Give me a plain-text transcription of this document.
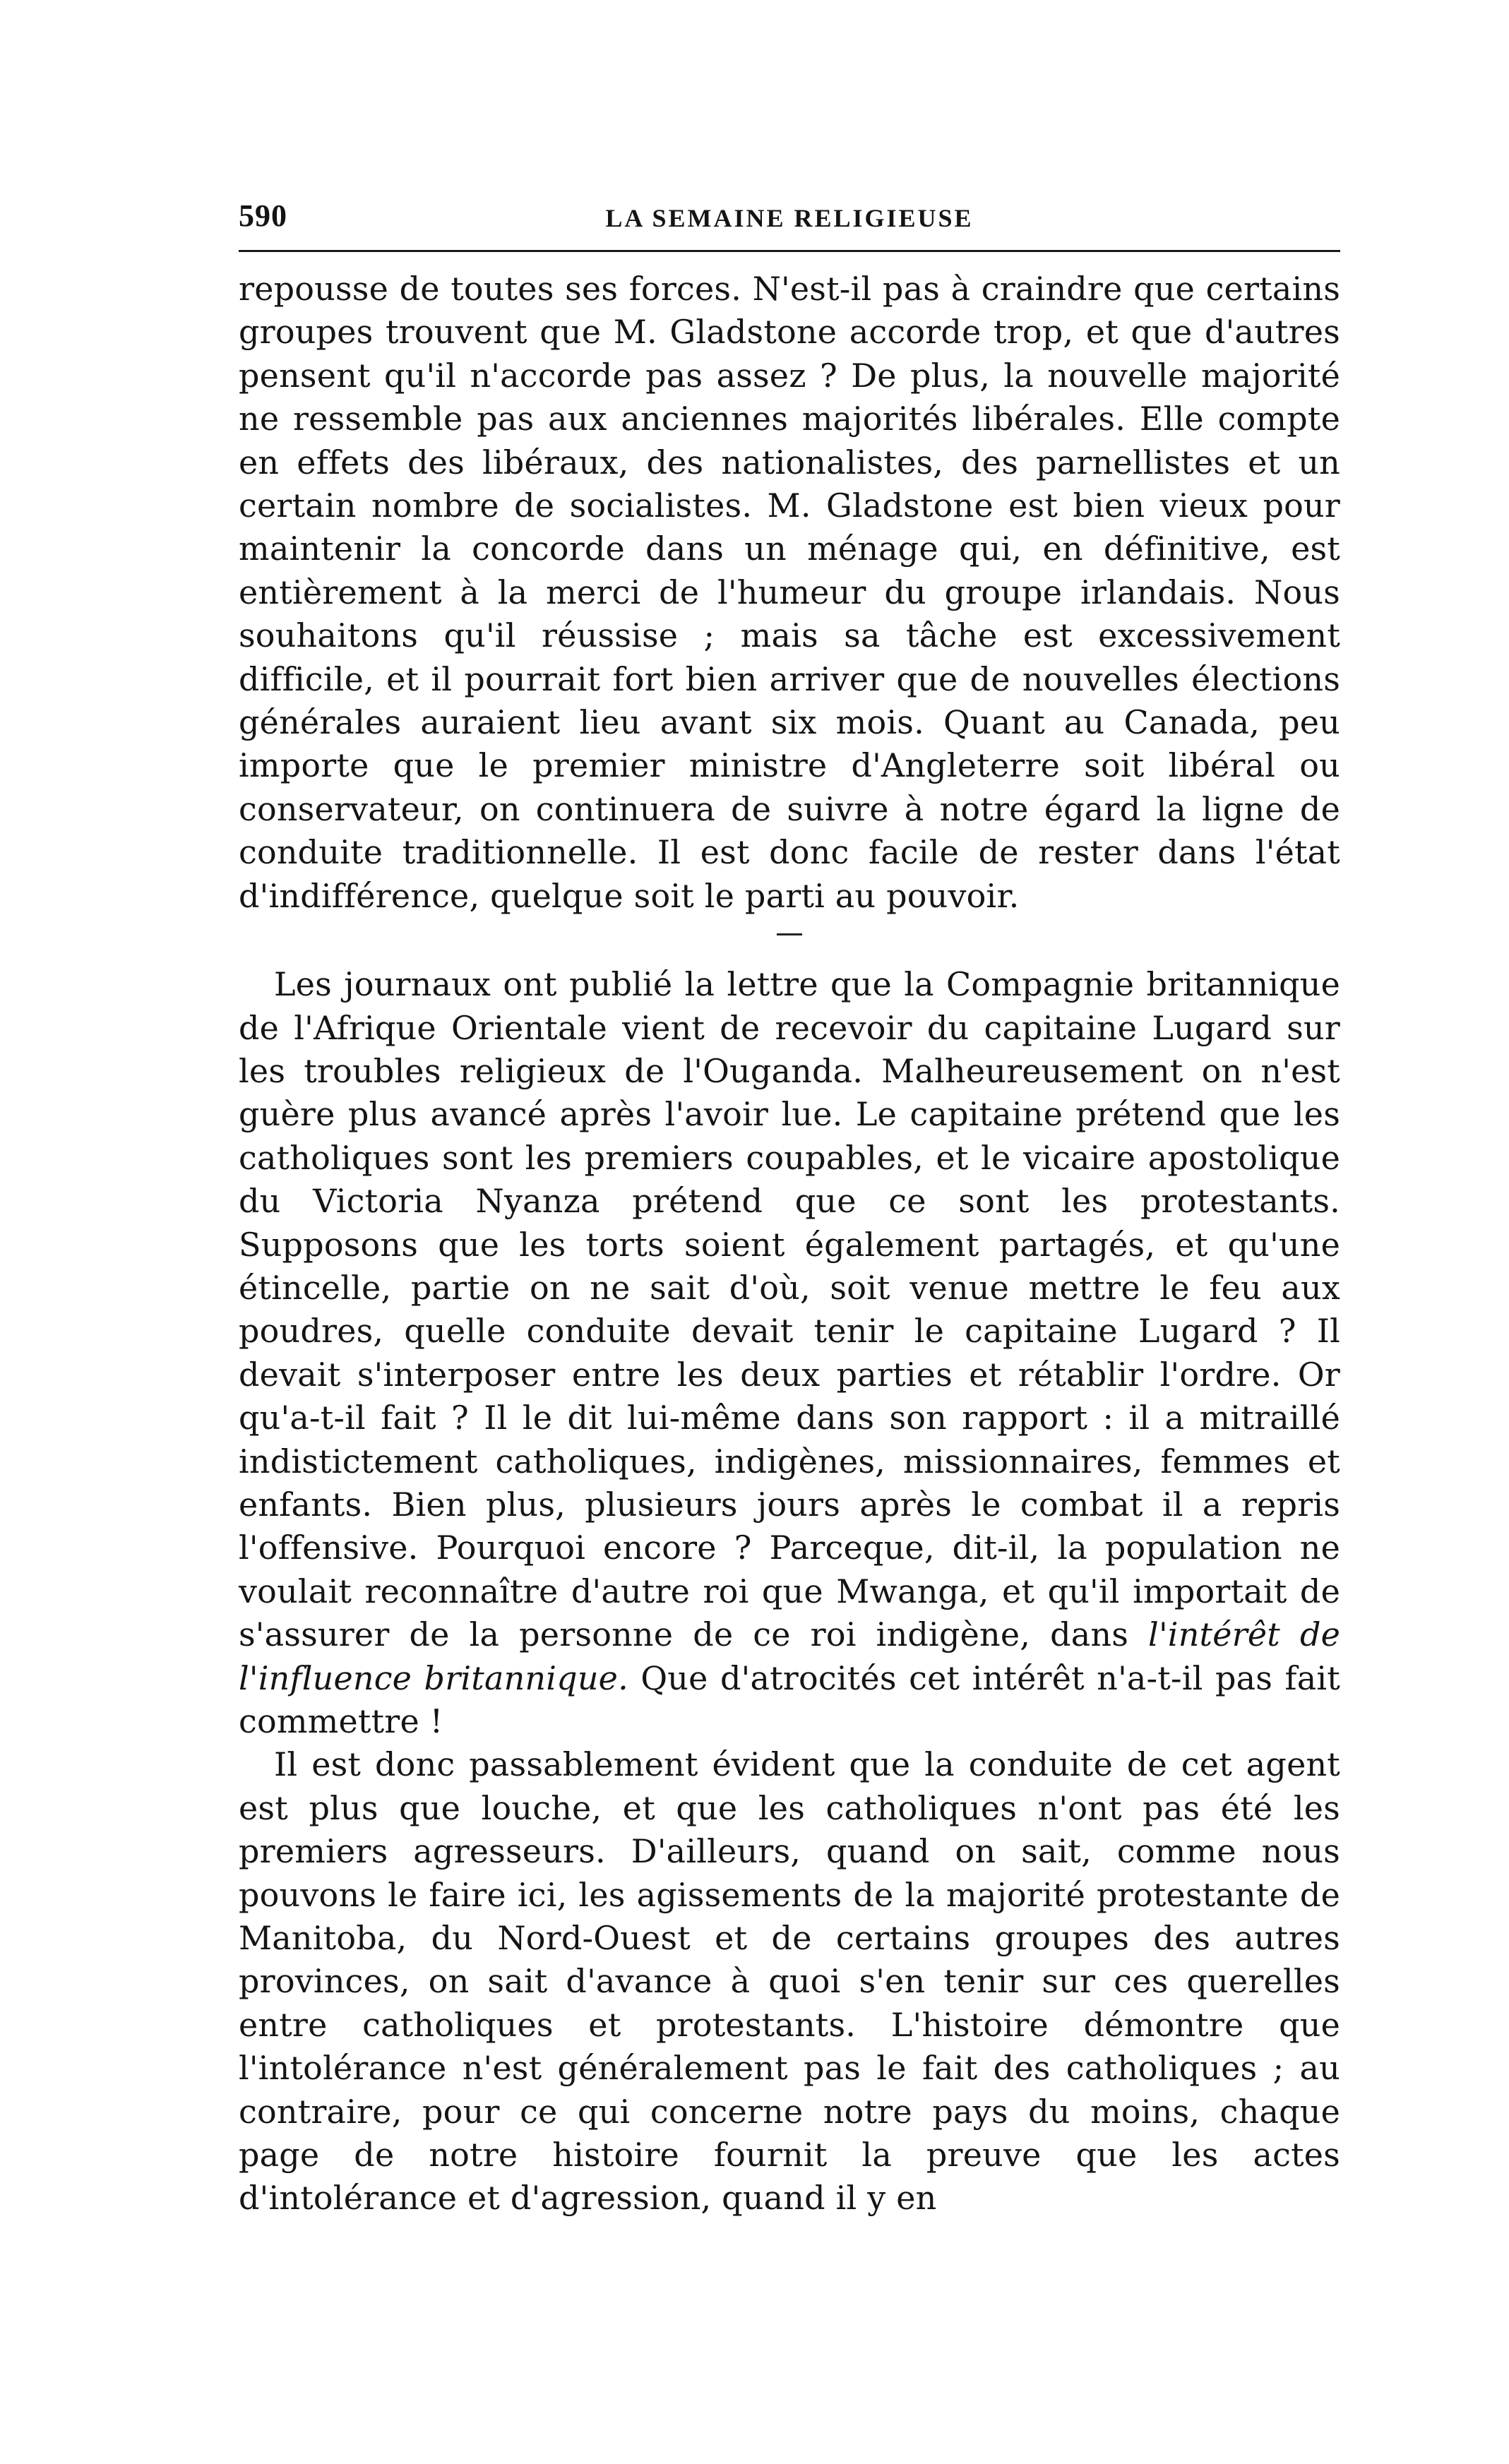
590	LA SEMAINE RELIGIEUSE

repousse de toutes ses forces. N'est-il pas à craindre que certains groupes trouvent que M. Gladstone accorde trop, et que d'autres pensent qu'il n'accorde pas assez ? De plus, la nouvelle majorité ne ressemble pas aux anciennes majorités libérales. Elle compte en effets des libéraux, des nationalistes, des parnellistes et un certain nombre de socialistes. M. Gladstone est bien vieux pour maintenir la concorde dans un ménage qui, en définitive, est entièrement à la merci de l'humeur du groupe irlandais. Nous souhaitons qu'il réussise ; mais sa tâche est excessivement difficile, et il pourrait fort bien arriver que de nouvelles élections générales auraient lieu avant six mois. Quant au Canada, peu importe que le premier ministre d'Angleterre soit libéral ou conservateur, on continuera de suivre à notre égard la ligne de conduite traditionnelle. Il est donc facile de rester dans l'état d'indifférence, quelque soit le parti au pouvoir.

Les journaux ont publié la lettre que la Compagnie britannique de l'Afrique Orientale vient de recevoir du capitaine Lugard sur les troubles religieux de l'Ouganda. Malheureusement on n'est guère plus avancé après l'avoir lue. Le capitaine prétend que les catholiques sont les premiers coupables, et le vicaire apostolique du Victoria Nyanza prétend que ce sont les protestants. Supposons que les torts soient également partagés, et qu'une étincelle, partie on ne sait d'où, soit venue mettre le feu aux poudres, quelle conduite devait tenir le capitaine Lugard ? Il devait s'interposer entre les deux parties et rétablir l'ordre. Or qu'a-t-il fait ? Il le dit lui-même dans son rapport : il a mitraillé indistictement catholiques, indigènes, missionnaires, femmes et enfants. Bien plus, plusieurs jours après le combat il a repris l'offensive. Pourquoi encore ? Parceque, dit-il, la population ne voulait reconnaître d'autre roi que Mwanga, et qu'il importait de s'assurer de la personne de ce roi indigène, dans l'intérêt de l'influence britannique. Que d'atrocités cet intérêt n'a-t-il pas fait commettre !

Il est donc passablement évident que la conduite de cet agent est plus que louche, et que les catholiques n'ont pas été les premiers agresseurs. D'ailleurs, quand on sait, comme nous pouvons le faire ici, les agissements de la majorité protestante de Manitoba, du Nord-Ouest et de certains groupes des autres provinces, on sait d'avance à quoi s'en tenir sur ces querelles entre catholiques et protestants. L'histoire démontre que l'intolérance n'est généralement pas le fait des catholiques ; au contraire, pour ce qui concerne notre pays du moins, chaque page de notre histoire fournit la preuve que les actes d'intolérance et d'agression, quand il y en
